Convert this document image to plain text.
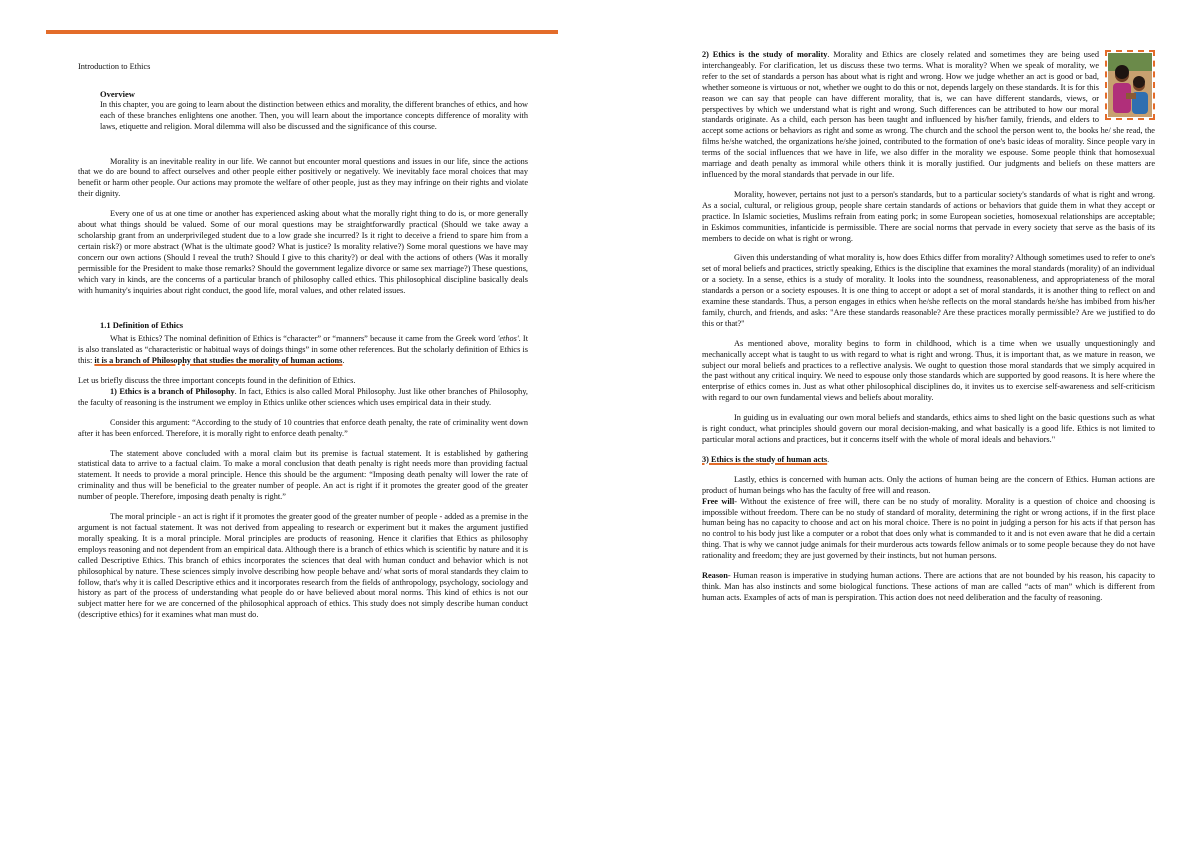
Introduction to Ethics

Overview

In this chapter, you are going to learn about the distinction between ethics and morality, the different branches of ethics, and how each of these branches enlightens one another. Then, you will learn about the importance concepts difference of morality with laws, etiquette and religion. Moral dilemma will also be discussed and the significance of this course.

Morality is an inevitable reality in our life. We cannot but encounter moral questions and issues in our life, since the actions that we do are bound to affect ourselves and other people either positively or negatively. We inevitably face moral choices that may benefit or harm other people. Our actions may promote the welfare of other people, just as they may infringe on their rights and violate their dignity.

Every one of us at one time or another has experienced asking about what the morally right thing to do is, or more generally about what things should be valued. Some of our moral questions may be straightforwardly practical (Should we take away a scholarship grant from an underprivileged student due to a low grade she incurred? Is it right to deceive a friend to spare him from a certain risk?) or more abstract (What is the ultimate good? What is justice? Is morality relative?) Some moral questions we have may concern our own actions (Should I reveal the truth? Should I give to this charity?) or deal with the actions of others (Was it morally permissible for the President to make those remarks? Should the government legalize divorce or same sex marriage?) These questions, which vary in kinds, are the concerns of a particular branch of philosophy called ethics. This philosophical discipline basically deals with humanity's inquiries about right conduct, the good life, moral values, and other related issues.

1.1 Definition of Ethics

What is Ethics? The nominal definition of Ethics is “character” or “manners” because it came from the Greek word 'ethos'. It is also translated as “characteristic or habitual ways of doings things” in some other references. But the scholarly definition of Ethics is this: it is a branch of Philosophy that studies the morality of human actions.

Let us briefly discuss the three important concepts found in the definition of Ethics.

1) Ethics is a branch of Philosophy. In fact, Ethics is also called Moral Philosophy. Just like other branches of Philosophy, the faculty of reasoning is the instrument we employ in Ethics unlike other sciences which uses empirical data in their study.

Consider this argument: “According to the study of 10 countries that enforce death penalty, the rate of criminality went down after it has been enforced. Therefore, it is morally right to enforce death penalty.”

The statement above concluded with a moral claim but its premise is factual statement. It is established by gathering statistical data to arrive to a factual claim. To make a moral conclusion that death penalty is right needs more than providing factual statement. It needs to provide a moral principle. Hence this should be the argument: “Imposing death penalty will lower the rate of criminality and thus will be beneficial to the greater number of people. An act is right if it promotes the greater good of the greater number of people. Therefore, imposing death penalty is right.”

The moral principle - an act is right if it promotes the greater good of the greater number of people - added as a premise in the argument is not factual statement. It was not derived from appealing to research or experiment but it makes the argument justified morally speaking. It is a moral principle. Moral principles are products of reasoning. Hence it clarifies that Ethics as philosophy employs reasoning and not dependent from an empirical data. Although there is a branch of ethics which is scientific by nature and it is called Descriptive Ethics. This branch of ethics incorporates the sciences that deal with human conduct and behavior which is not philosophical by nature. These sciences simply involve describing how people behave and/ what sorts of moral standards they claim to follow, that's why it is called Descriptive ethics and it incorporates research from the fields of anthropology, psychology, sociology and history as part of the process of understanding what people do or have believed about moral norms. This kind of ethics is not our subject matter here for we are concerned of the philosophical approach of ethics. This study does not simply describe human conduct (descriptive ethics) for it examines what man must do.

2) Ethics is the study of morality. Morality and Ethics are closely related and sometimes they are being used interchangeably. For clarification, let us discuss these two terms. What is morality? When we speak of morality, we refer to the set of standards a person has about what is right and wrong. How we judge whether an act is good or bad, whether someone is virtuous or not, whether we ought to do this or not, depends largely on these standards. It is for this reason we can say that people can have different morality, that is, we can have different standards, views, or perspectives by which we understand what is right and wrong. Such differences can be attributed to how our moral standards originate. As a child, each person has been taught and influenced by his/her family, friends, and elders to accept some actions or behaviors as right and some as wrong. The church and the school the person went to, the books he/ she read, the films he/she watched, the organizations he/she joined, contributed to the formation of one's basic ideas of morality. Since people vary in terms of the social influences that we have in life, we also differ in the morality we espouse. Some people think that homosexual marriage and death penalty as immoral while others think it is morally justified. Our judgments and beliefs on these matters are influenced by the moral standards that pervade in our life.

Morality, however, pertains not just to a person's standards, but to a particular society's standards of what is right and wrong. As a social, cultural, or religious group, people share certain standards of actions or behaviors that guide them in what they accept or practice. In Islamic societies, Muslims refrain from eating pork; in some European societies, homosexual relationships are acceptable; in Eskimos communities, infanticide is permissible. There are social norms that pervade in every society that serve as the basis of its members to decide on what is right or wrong.

Given this understanding of what morality is, how does Ethics differ from morality? Although sometimes used to refer to one's set of moral beliefs and practices, strictly speaking, Ethics is the discipline that examines the moral standards (morality) of an individual or a society. In a sense, ethics is a study of morality. It looks into the soundness, reasonableness, and appropriateness of the moral standards a person or a society espouses. It is one thing to accept or adopt a set of moral standards, it is another thing to reflect on and examine these standards. Thus, a person engages in ethics when he/she reflects on the moral standards he/she has imbibed from his/her family, church, and friends, and asks: "Are these standards reasonable? Are these practices morally permissible? Are we justified to do this or that?"

As mentioned above, morality begins to form in childhood, which is a time when we usually unquestioningly and mechanically accept what is taught to us with regard to what is right and wrong. Thus, it is important that, as we mature in reason, we subject our moral beliefs and practices to a reflective analysis. We ought to question those moral standards that we simply acquired in the past without any critical inquiry. We need to espouse only those standards which are supported by good reasons. It is here where the enterprise of ethics comes in. Just as what other philosophical disciplines do, it invites us to exercise self-awareness and self-criticism with regard to our own fundamental views and beliefs about morality.

In guiding us in evaluating our own moral beliefs and standards, ethics aims to shed light on the basic questions such as what is right conduct, what principles should govern our moral decision-making, and what basically is a good life. Ethics is not limited to particular moral actions and practices, but it concerns itself with the whole of moral ideals and behaviors."

3) Ethics is the study of human acts.

Lastly, ethics is concerned with human acts. Only the actions of human being are the concern of Ethics. Human actions are product of human beings who has the faculty of free will and reason.

Free will- Without the existence of free will, there can be no study of morality. Morality is a question of choice and choosing is impossible without freedom. There can be no study of standard of morality, determining the right or wrong actions, if in the first place human being has no capacity to choose and act on his moral choice. There is no point in judging a person for his acts if that person has no control to his body just like a computer or a robot that does only what is commanded to it and is not even aware that he did a certain thing. That is why we cannot judge animals for their murderous acts towards fellow animals or to some people because they do not have rationality and freedom; they are just governed by their instincts, but not human persons.

Reason- Human reason is imperative in studying human actions. There are actions that are not bounded by his reason, his capacity to think. Man has also instincts and some biological functions. These actions of man are called “acts of man” which is different from human acts. Examples of acts of man is perspiration. This action does not need deliberation and the faculty of reasoning.
